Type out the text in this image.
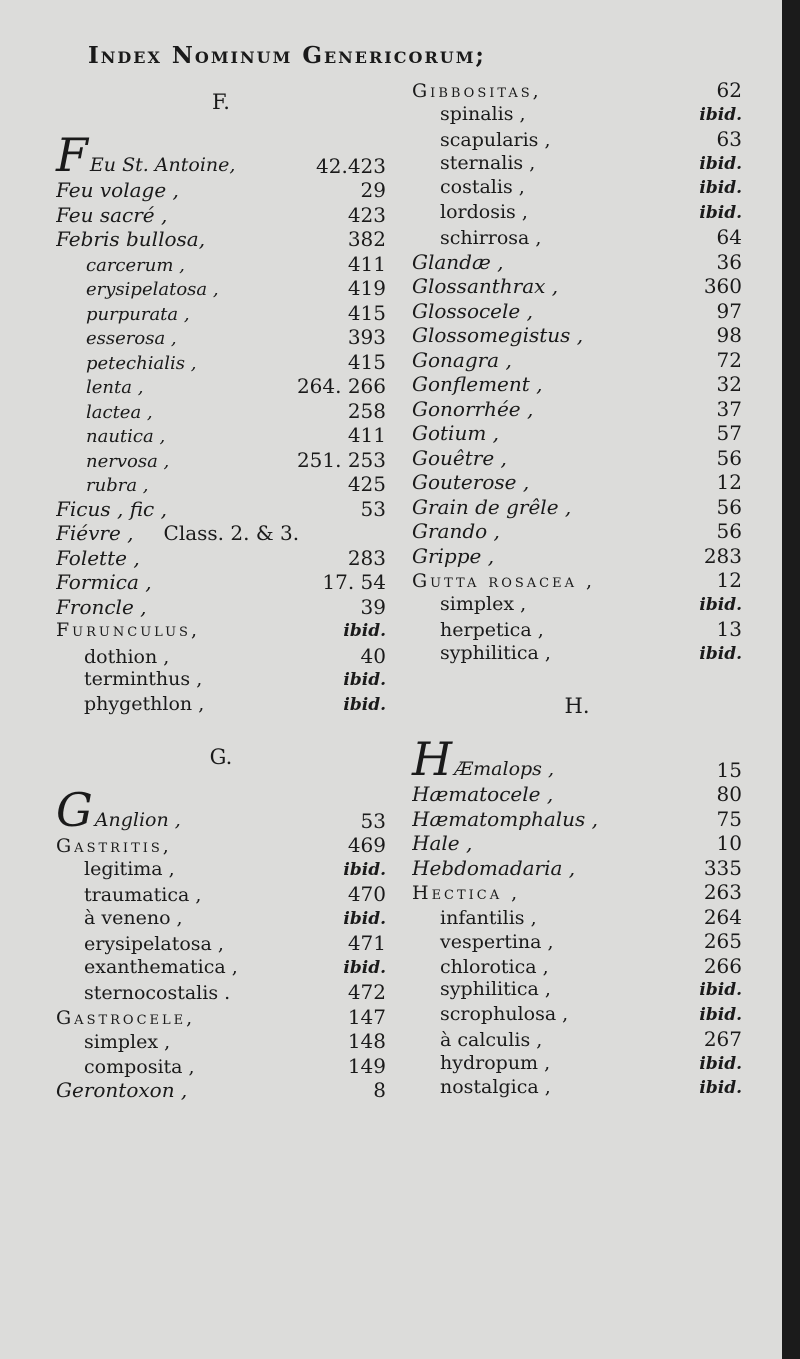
Index Nominum Genericorum;
F.
F Eu St. Antoine,	42.423
Feu volage ,	29
Feu sacré ,	423
Febris bullosa,	382
carcerum ,	411
erysipelatosa ,	419
purpurata ,	415
esserosa ,	393
petechialis ,	415
lenta ,	264. 266
lactea ,	258
nautica ,	411
nervosa ,	251. 253
rubra ,	425
Ficus , fic ,	53
Fiévre , Class. 2. & 3.
Folette ,	283
Formica ,	17. 54
Froncle ,	39
Furunculus,	ibid.
dothion ,	40
terminthus ,	ibid.
phygethlon ,	ibid.
G.
G Anglion ,	53
Gastritis,	469
legitima ,	ibid.
traumatica ,	470
à veneno ,	ibid.
erysipelatosa ,	471
exanthematica ,	ibid.
sternocostalis .	472
Gastrocele,	147
simplex ,	148
composita ,	149
Gerontoxon ,	8
Gibbositas,	62
spinalis ,	ibid.
scapularis ,	63
sternalis ,	ibid.
costalis ,	ibid.
lordosis ,	ibid.
schirrosa ,	64
Glandæ ,	36
Glossanthrax ,	360
Glossocele ,	97
Glossomegistus ,	98
Gonagra ,	72
Gonflement ,	32
Gonorrhée ,	37
Gotium ,	57
Gouêtre ,	56
Gouterose ,	12
Grain de grêle ,	56
Grando ,	56
Grippe ,	283
Gutta rosacea ,	12
simplex ,	ibid.
herpetica ,	13
syphilitica ,	ibid.
H.
H Æmalops ,	15
Hæmatocele ,	80
Hæmatomphalus ,	75
Hale ,	10
Hebdomadaria ,	335
Hectica ,	263
infantilis ,	264
vespertina ,	265
chlorotica ,	266
syphilitica ,	ibid.
scrophulosa ,	ibid.
à calculis ,	267
hydropum ,	ibid.
nostalgica ,	ibid.
